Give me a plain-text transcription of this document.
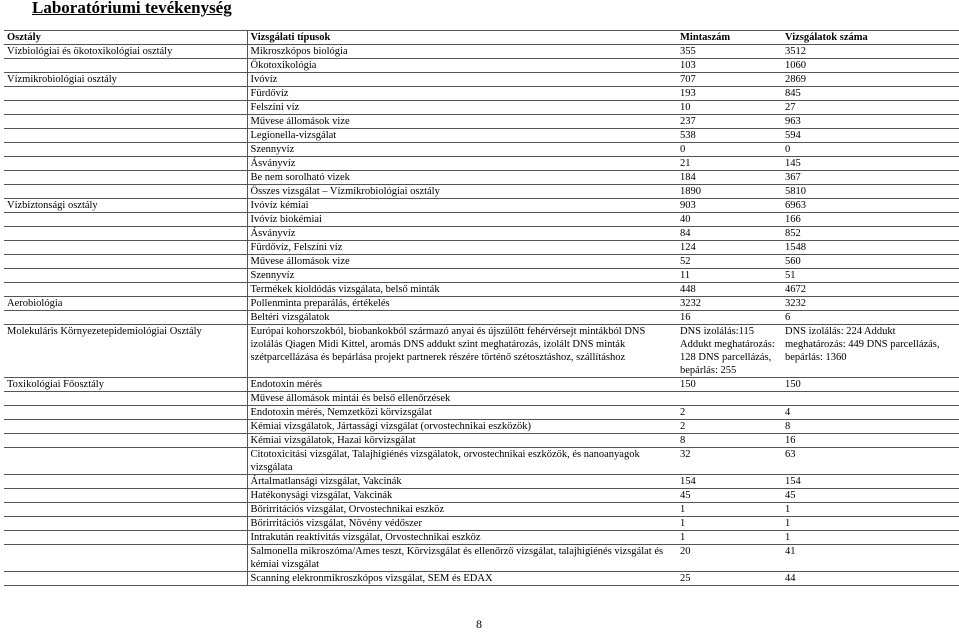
Laboratóriumi tevékenység
Osztály	Vizsgálati típusok	Mintaszám	Vizsgálatok száma
Vízbiológiai és ökotoxikológiai osztály	Mikroszkópos biológia	355	3512
	Ökotoxikológia	103	1060
Vízmikrobiológiai osztály	Ivóvíz	707	2869
	Fürdővíz	193	845
	Felszíni víz	10	27
	Művese állomások vize	237	963
	Legionella-vizsgálat	538	594
	Szennyvíz	0	0
	Ásványvíz	21	145
	Be nem sorolható vizek	184	367
	Összes vizsgálat – Vízmikrobiológiai osztály	1890	5810
Vízbiztonsági osztály	Ivóvíz kémiai	903	6963
	Ivóvíz biokémiai	40	166
	Ásványvíz	84	852
	Fürdővíz, Felszíni víz	124	1548
	Művese állomások vize	52	560
	Szennyvíz	11	51
	Termékek kioldódás vizsgálata, belső minták	448	4672
Aerobiológia	Pollenminta preparálás, értékelés	3232	3232
	Beltéri vizsgálatok	16	6
Molekuláris Környezetepidemiológiai Osztály	Európai kohorszokból, biobankokból származó anyai és újszülött fehérvérsejt mintákból DNS izolálás Qiagen Midi Kittel, aromás DNS addukt szint meghatározás, izolált DNS minták szétparcellázása és bepárlása projekt partnerek részére történő szétosztáshoz, szállításhoz	DNS izolálás:115 Addukt meghatározás: 128 DNS parcellázás, bepárlás: 255	DNS izolálás: 224 Addukt meghatározás: 449 DNS parcellázás, bepárlás: 1360
Toxikológiai Főosztály	Endotoxin mérés	150	150
	Művese állomások mintái és belső ellenőrzések		
	Endotoxin mérés, Nemzetközi körvizsgálat	2	4
	Kémiai vizsgálatok, Jártassági vizsgálat (orvostechnikai eszközök)	2	8
	Kémiai vizsgálatok, Hazai körvizsgálat	8	16
	Citotoxicitási vizsgálat, Talajhigiénés vizsgálatok, orvostechnikai eszközök, és nanoanyagok vizsgálata	32	63
	Ártalmatlansági vizsgálat, Vakcinák	154	154
	Hatékonysági vizsgálat, Vakcinák	45	45
	Bőrirritációs vizsgálat, Orvostechnikai eszköz	1	1
	Bőrirritációs vizsgálat, Növény védőszer	1	1
	Intrakután reaktivitás vizsgálat, Orvostechnikai eszköz	1	1
	Salmonella mikroszóma/Ames teszt, Körvizsgálat és ellenőrző vizsgálat, talajhigiénés vizsgálat és kémiai vizsgálat	20	41
	Scanning elekronmikroszkópos vizsgálat, SEM és EDAX	25	44
8
